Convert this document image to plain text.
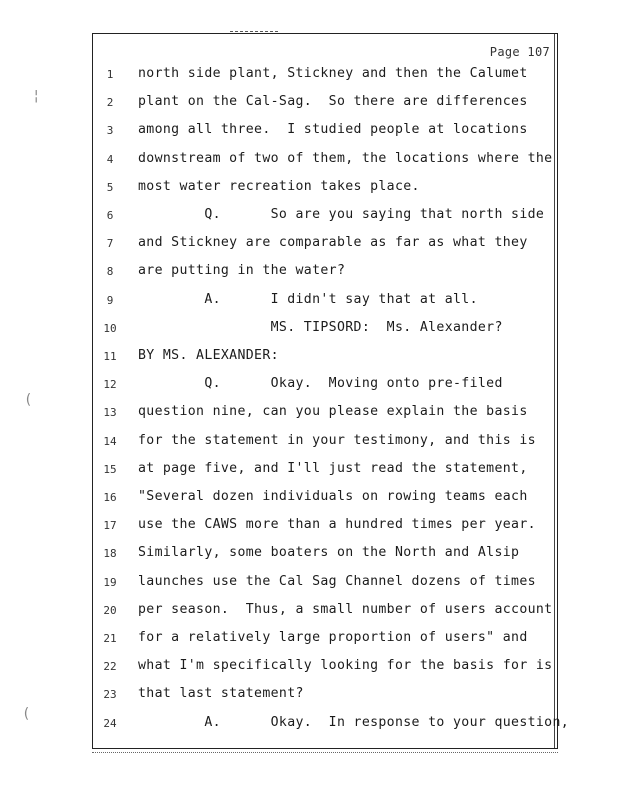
Page 107
¦
(
(
1	north side plant, Stickney and then the Calumet
2	plant on the Cal-Sag.  So there are differences
3	among all three.  I studied people at locations
4	downstream of two of them, the locations where the
5	most water recreation takes place.
6	Q.      So are you saying that north side
7	and Stickney are comparable as far as what they
8	are putting in the water?
9	A.      I didn't say that at all.
10 MS. TIPSORD:  Ms. Alexander?
11 BY MS. ALEXANDER:
12 Q.      Okay.  Moving onto pre-filed
13 question nine, can you please explain the basis
14 for the statement in your testimony, and this is
15 at page five, and I'll just read the statement,
16 "Several dozen individuals on rowing teams each
17 use the CAWS more than a hundred times per year.
18 Similarly, some boaters on the North and Alsip
19 launches use the Cal Sag Channel dozens of times
20 per season.  Thus, a small number of users account
21 for a relatively large proportion of users" and
22 what I'm specifically looking for the basis for is
23 that last statement?
24 A.      Okay.  In response to your question,
